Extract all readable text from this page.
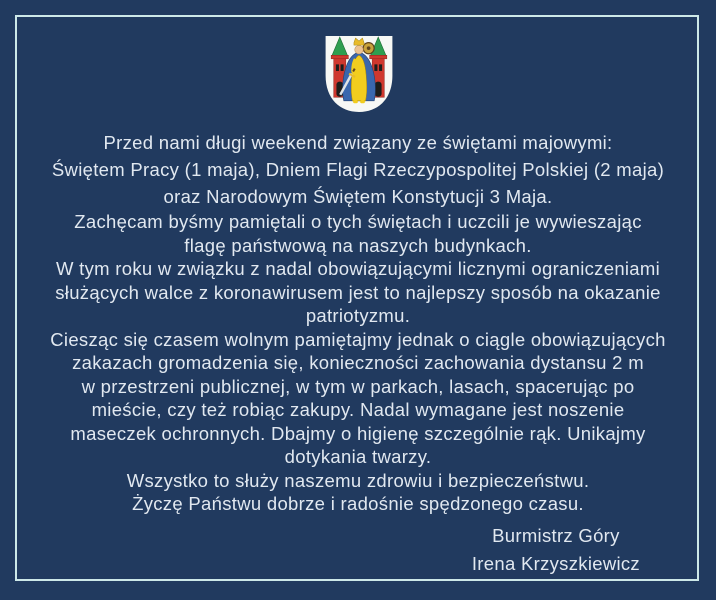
Przed nami długi weekend związany ze świętami majowymi:
Świętem Pracy (1 maja), Dniem Flagi Rzeczypospolitej Polskiej (2 maja)
oraz Narodowym Świętem Konstytucji 3 Maja.
Zachęcam byśmy pamiętali o tych świętach i uczcili je wywieszając
flagę państwową na naszych budynkach.
W tym roku w związku z nadal obowiązującymi licznymi ograniczeniami
służących walce z koronawirusem jest to najlepszy sposób na okazanie
patriotyzmu.
Ciesząc się czasem wolnym pamiętajmy jednak o ciągle obowiązujących
zakazach gromadzenia się, konieczności zachowania dystansu 2 m
w przestrzeni publicznej, w tym w parkach, lasach, spacerując po
mieście, czy też robiąc zakupy. Nadal wymagane jest noszenie
maseczek ochronnych. Dbajmy o higienę szczególnie rąk. Unikajmy
dotykania twarzy.
Wszystko to służy naszemu zdrowiu i bezpieczeństwu.
Życzę Państwu dobrze i radośnie spędzonego czasu.
Burmistrz Góry
Irena Krzyszkiewicz
